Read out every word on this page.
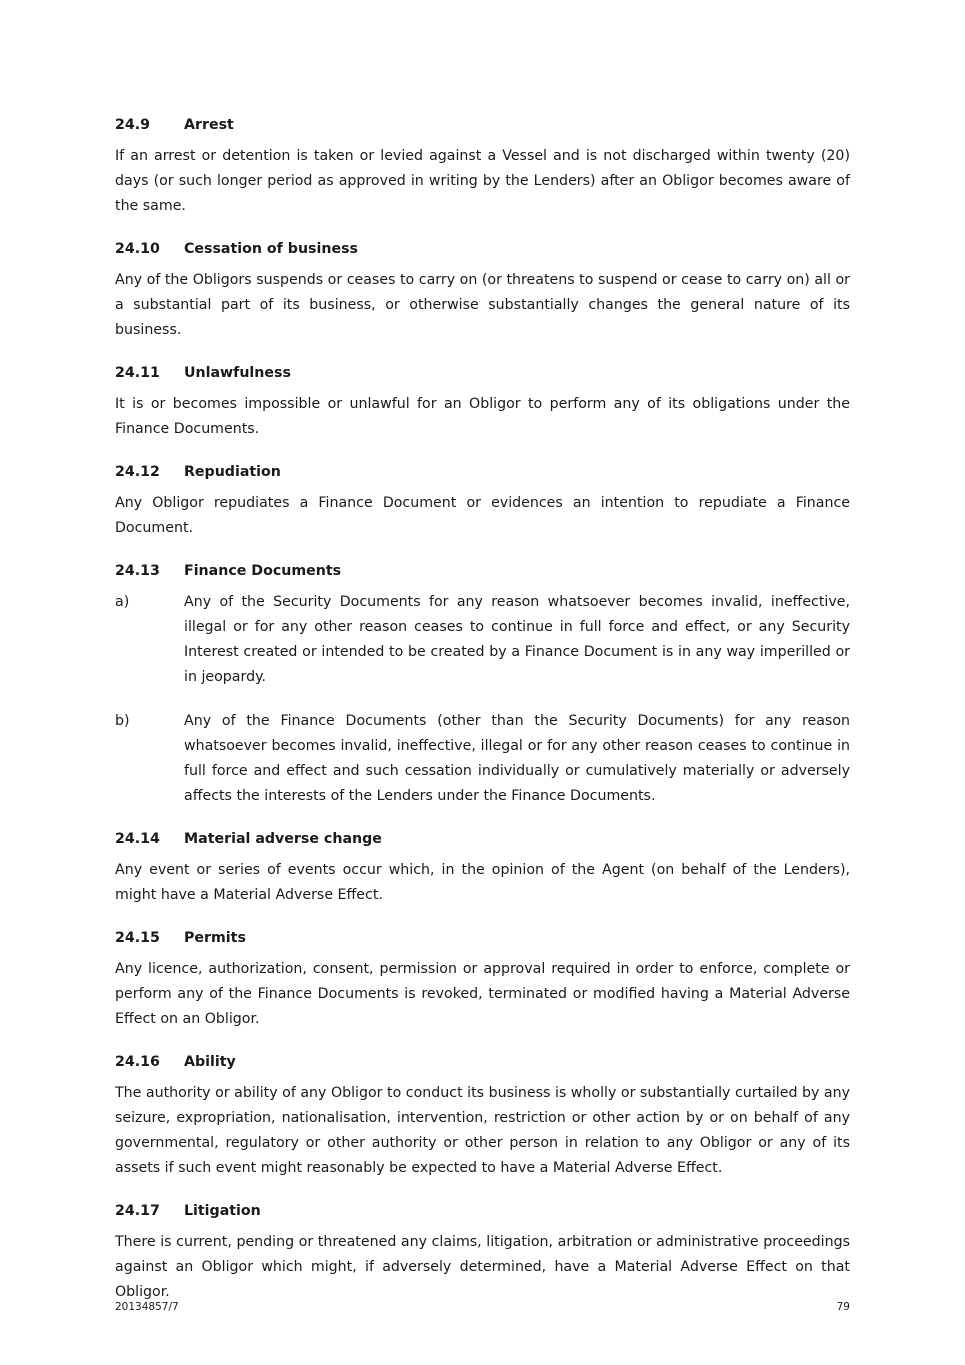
24.9	Arrest

If an arrest or detention is taken or levied against a Vessel and is not discharged within twenty (20) days (or such longer period as approved in writing by the Lenders) after an Obligor becomes aware of the same.

24.10	Cessation of business

Any of the Obligors suspends or ceases to carry on (or threatens to suspend or cease to carry on) all or a substantial part of its business, or otherwise substantially changes the general nature of its business.

24.11	Unlawfulness

It is or becomes impossible or unlawful for an Obligor to perform any of its obligations under the Finance Documents.

24.12	Repudiation

Any Obligor repudiates a Finance Document or evidences an intention to repudiate a Finance Document.

24.13	Finance Documents
a)	Any of the Security Documents for any reason whatsoever becomes invalid, ineffective, illegal or for any other reason ceases to continue in full force and effect, or any Security Interest created or intended to be created by a Finance Document is in any way imperilled or in jeopardy.
b)	Any of the Finance Documents (other than the Security Documents) for any reason whatsoever becomes invalid, ineffective, illegal or for any other reason ceases to continue in full force and effect and such cessation individually or cumulatively materially or adversely affects the interests of the Lenders under the Finance Documents.
24.14	Material adverse change

Any event or series of events occur which, in the opinion of the Agent (on behalf of the Lenders), might have a Material Adverse Effect.

24.15	Permits

Any licence, authorization, consent, permission or approval required in order to enforce, complete or perform any of the Finance Documents is revoked, terminated or modified having a Material Adverse Effect on an Obligor.

24.16	Ability

The authority or ability of any Obligor to conduct its business is wholly or substantially curtailed by any seizure, expropriation, nationalisation, intervention, restriction or other action by or on behalf of any governmental, regulatory or other authority or other person in relation to any Obligor or any of its assets if such event might reasonably be expected to have a Material Adverse Effect.

24.17	Litigation

There is current, pending or threatened any claims, litigation, arbitration or administrative proceedings against an Obligor which might, if adversely determined, have a Material Adverse Effect on that Obligor.

20134857/7	79
